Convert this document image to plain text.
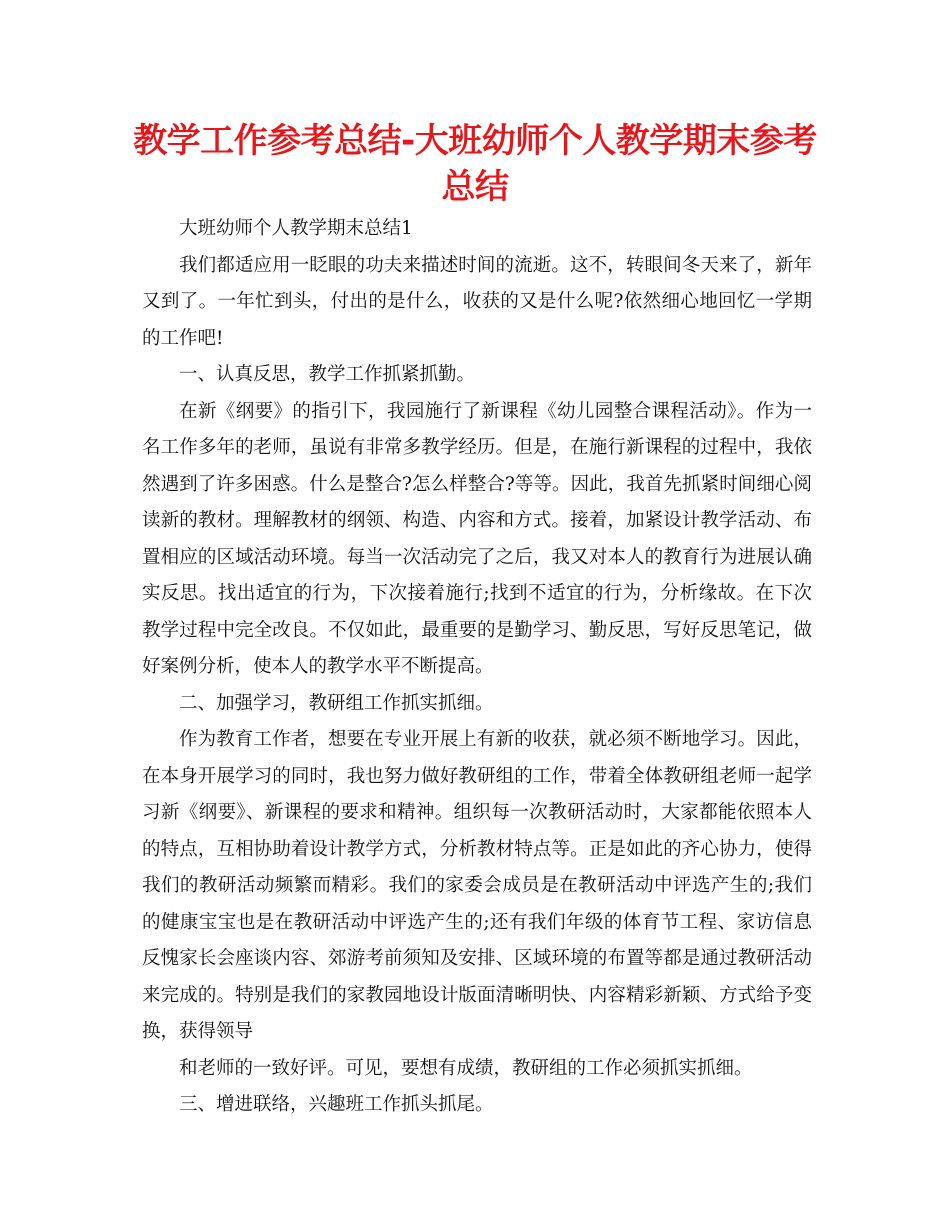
教学工作参考总结-大班幼师个人教学期末参考总结

大班幼师个人教学期末总结1

我们都适应用一眨眼的功夫来描述时间的流逝。这不，转眼间冬天来了，新年又到了。一年忙到头，付出的是什么，收获的又是什么呢?依然细心地回忆一学期的工作吧!

一、认真反思，教学工作抓紧抓勤。

在新《纲要》的指引下，我园施行了新课程《幼儿园整合课程活动》。作为一名工作多年的老师，虽说有非常多教学经历。但是，在施行新课程的过程中，我依然遇到了许多困惑。什么是整合?怎么样整合?等等。因此，我首先抓紧时间细心阅读新的教材。理解教材的纲领、构造、内容和方式。接着，加紧设计教学活动、布置相应的区域活动环境。每当一次活动完了之后，我又对本人的教育行为进展认确实反思。找出适宜的行为，下次接着施行;找到不适宜的行为，分析缘故。在下次教学过程中完全改良。不仅如此，最重要的是勤学习、勤反思，写好反思笔记，做好案例分析，使本人的教学水平不断提高。

二、加强学习，教研组工作抓实抓细。

作为教育工作者，想要在专业开展上有新的收获，就必须不断地学习。因此，在本身开展学习的同时，我也努力做好教研组的工作，带着全体教研组老师一起学习新《纲要》、新课程的要求和精神。组织每一次教研活动时，大家都能依照本人的特点，互相协助着设计教学方式，分析教材特点等。正是如此的齐心协力，使得我们的教研活动频繁而精彩。我们的家委会成员是在教研活动中评选产生的;我们的健康宝宝也是在教研活动中评选产生的;还有我们年级的体育节工程、家访信息反愧家长会座谈内容、郊游考前须知及安排、区域环境的布置等都是通过教研活动来完成的。特别是我们的家教园地设计版面清晰明快、内容精彩新颖、方式给予变换，获得领导

和老师的一致好评。可见，要想有成绩，教研组的工作必须抓实抓细。

三、增进联络，兴趣班工作抓头抓尾。
